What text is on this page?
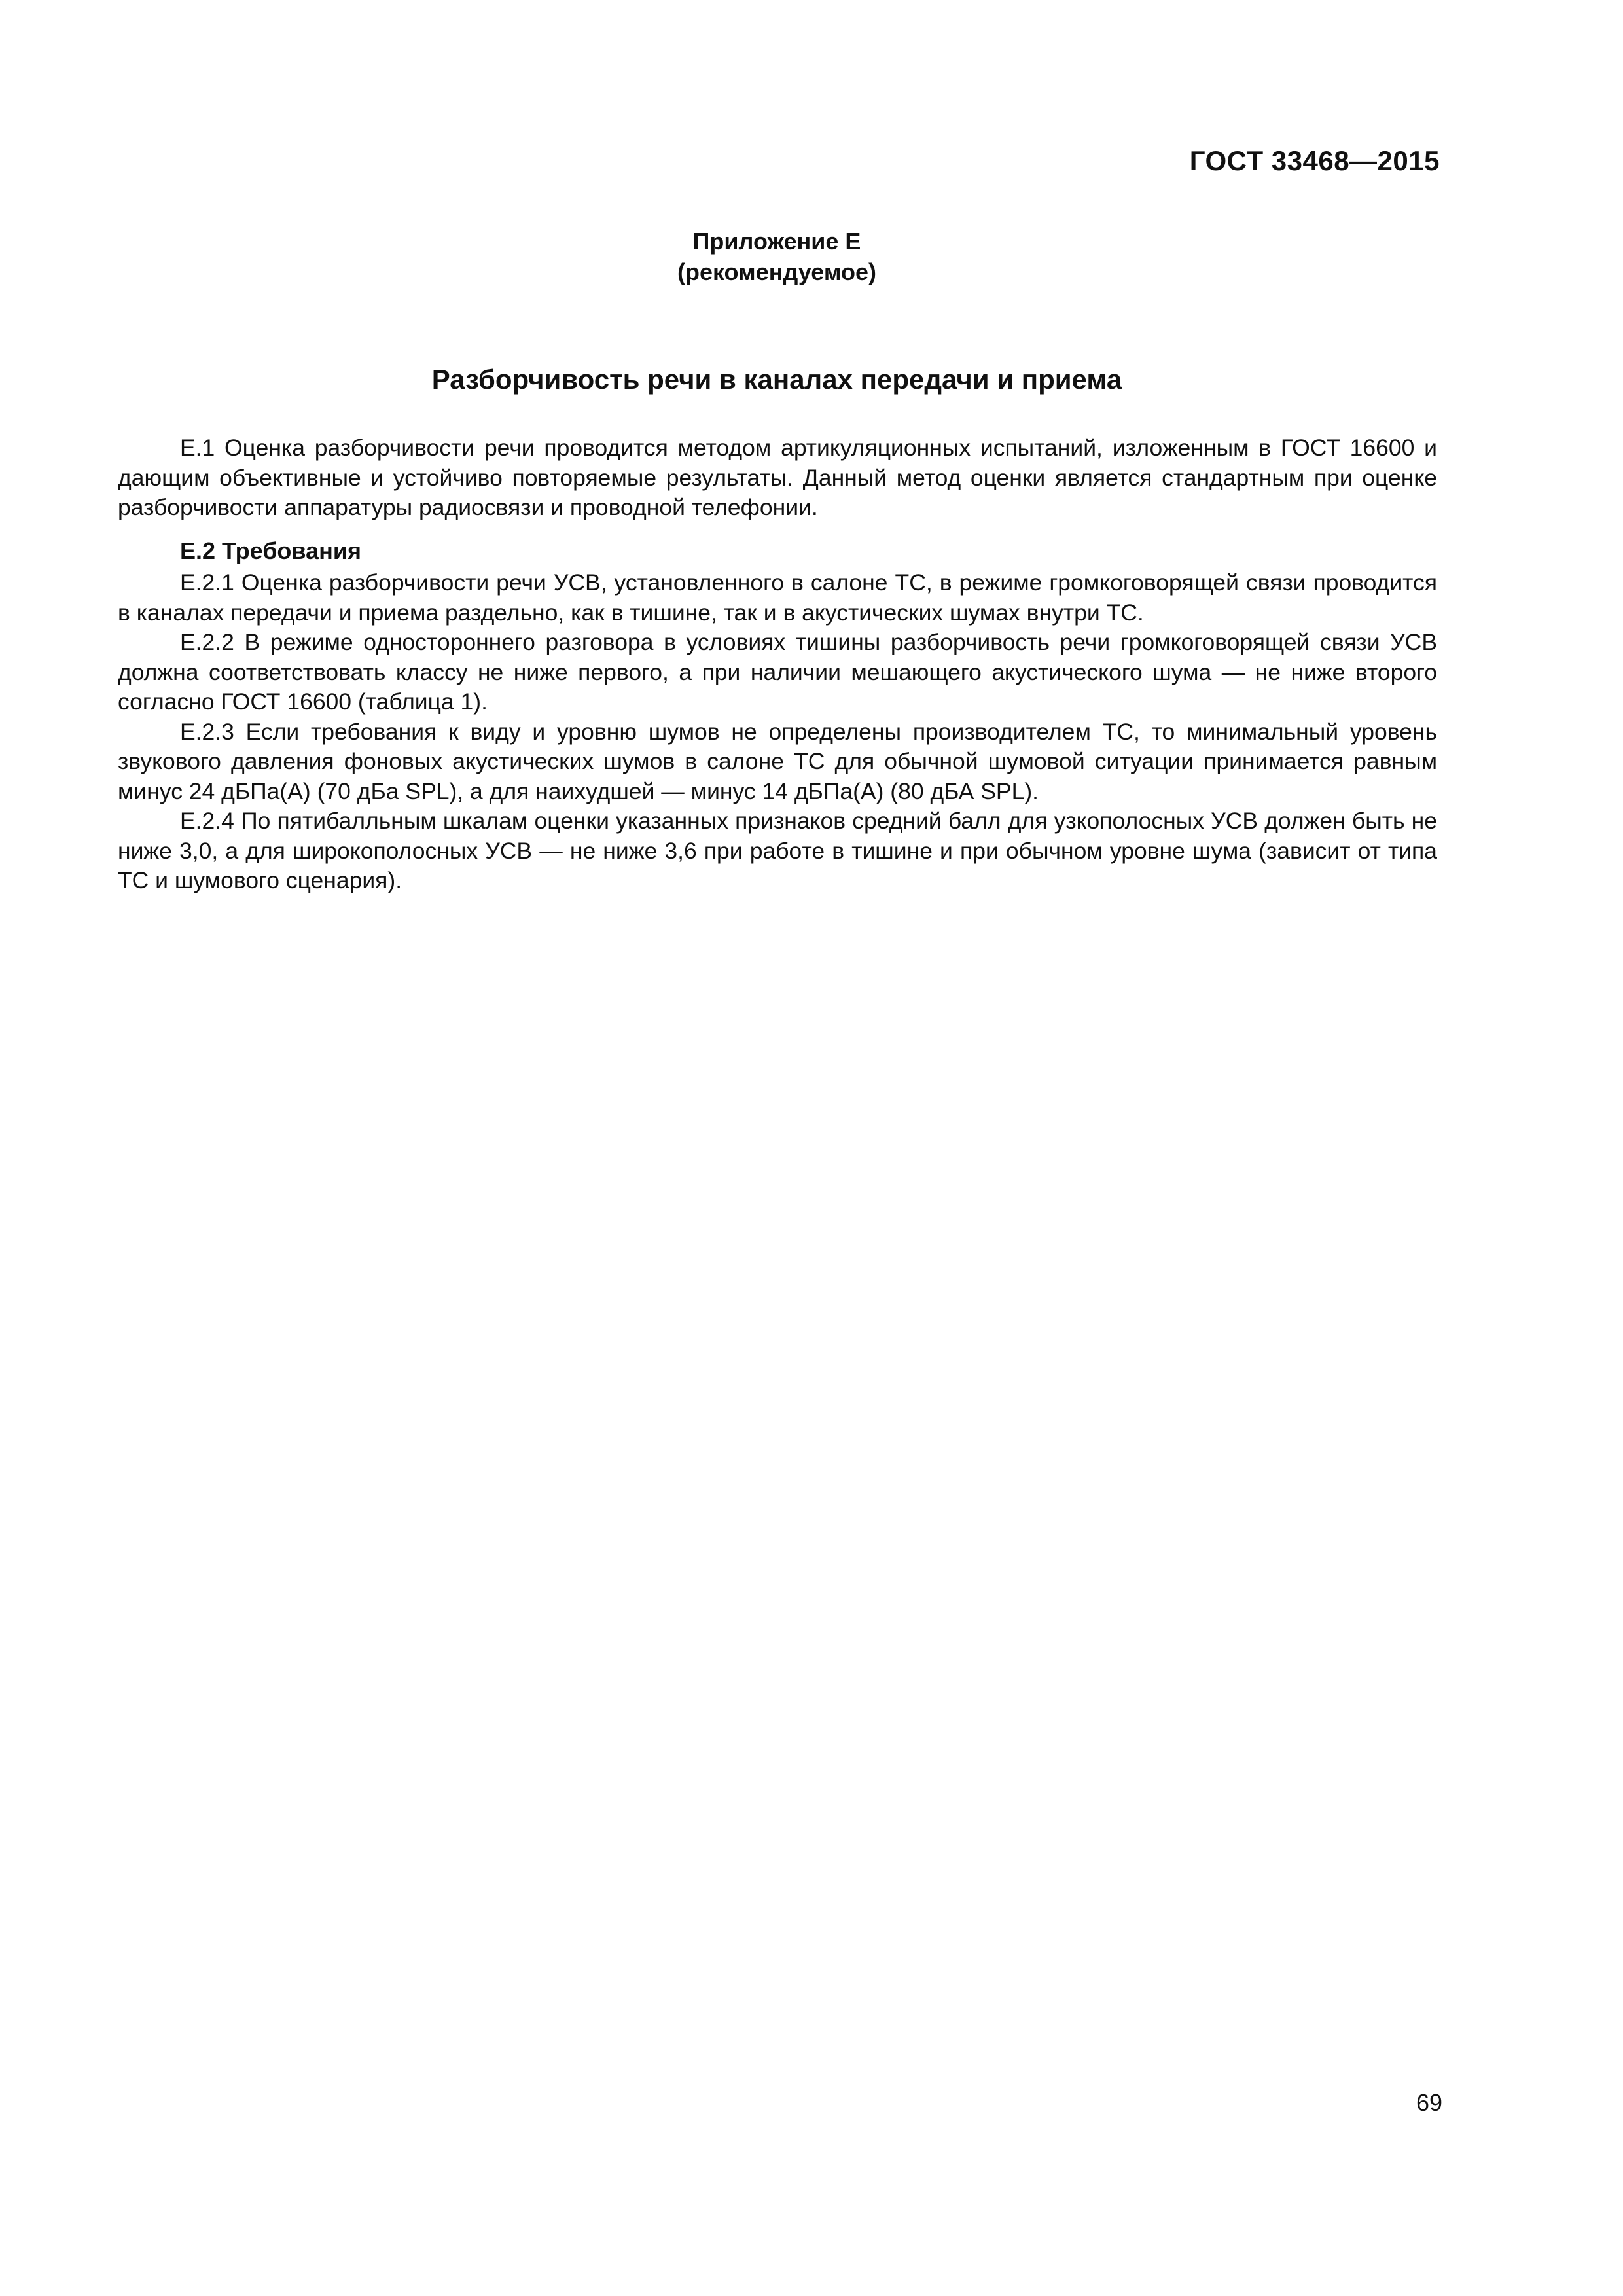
ГОСТ 33468—2015
Приложение Е
(рекомендуемое)
Разборчивость речи в каналах передачи и приема

Е.1 Оценка разборчивости речи проводится методом артикуляционных испытаний, изложенным в ГОСТ 16600 и дающим объективные и устойчиво повторяемые результаты. Данный метод оценки является стандартным при оценке разборчивости аппаратуры радиосвязи и проводной телефонии.

Е.2 Требования

Е.2.1 Оценка разборчивости речи УСВ, установленного в салоне ТС, в режиме громкоговорящей связи проводится в каналах передачи и приема раздельно, как в тишине, так и в акустических шумах внутри ТС.

Е.2.2 В режиме одностороннего разговора в условиях тишины разборчивость речи громкоговорящей связи УСВ должна соответствовать классу не ниже первого, а при наличии мешающего акустического шума — не ниже второго согласно ГОСТ 16600 (таблица 1).

Е.2.3 Если требования к виду и уровню шумов не определены производителем ТС, то минимальный уровень звукового давления фоновых акустических шумов в салоне ТС для обычной шумовой ситуации принимается равным минус 24 дБПа(А) (70 дБа SPL), а для наихудшей — минус 14 дБПа(А) (80 дБА SPL).

Е.2.4 По пятибалльным шкалам оценки указанных признаков средний балл для узкополосных УСВ должен быть не ниже 3,0, а для широкополосных УСВ — не ниже 3,6 при работе в тишине и при обычном уровне шума (зависит от типа ТС и шумового сценария).

69
